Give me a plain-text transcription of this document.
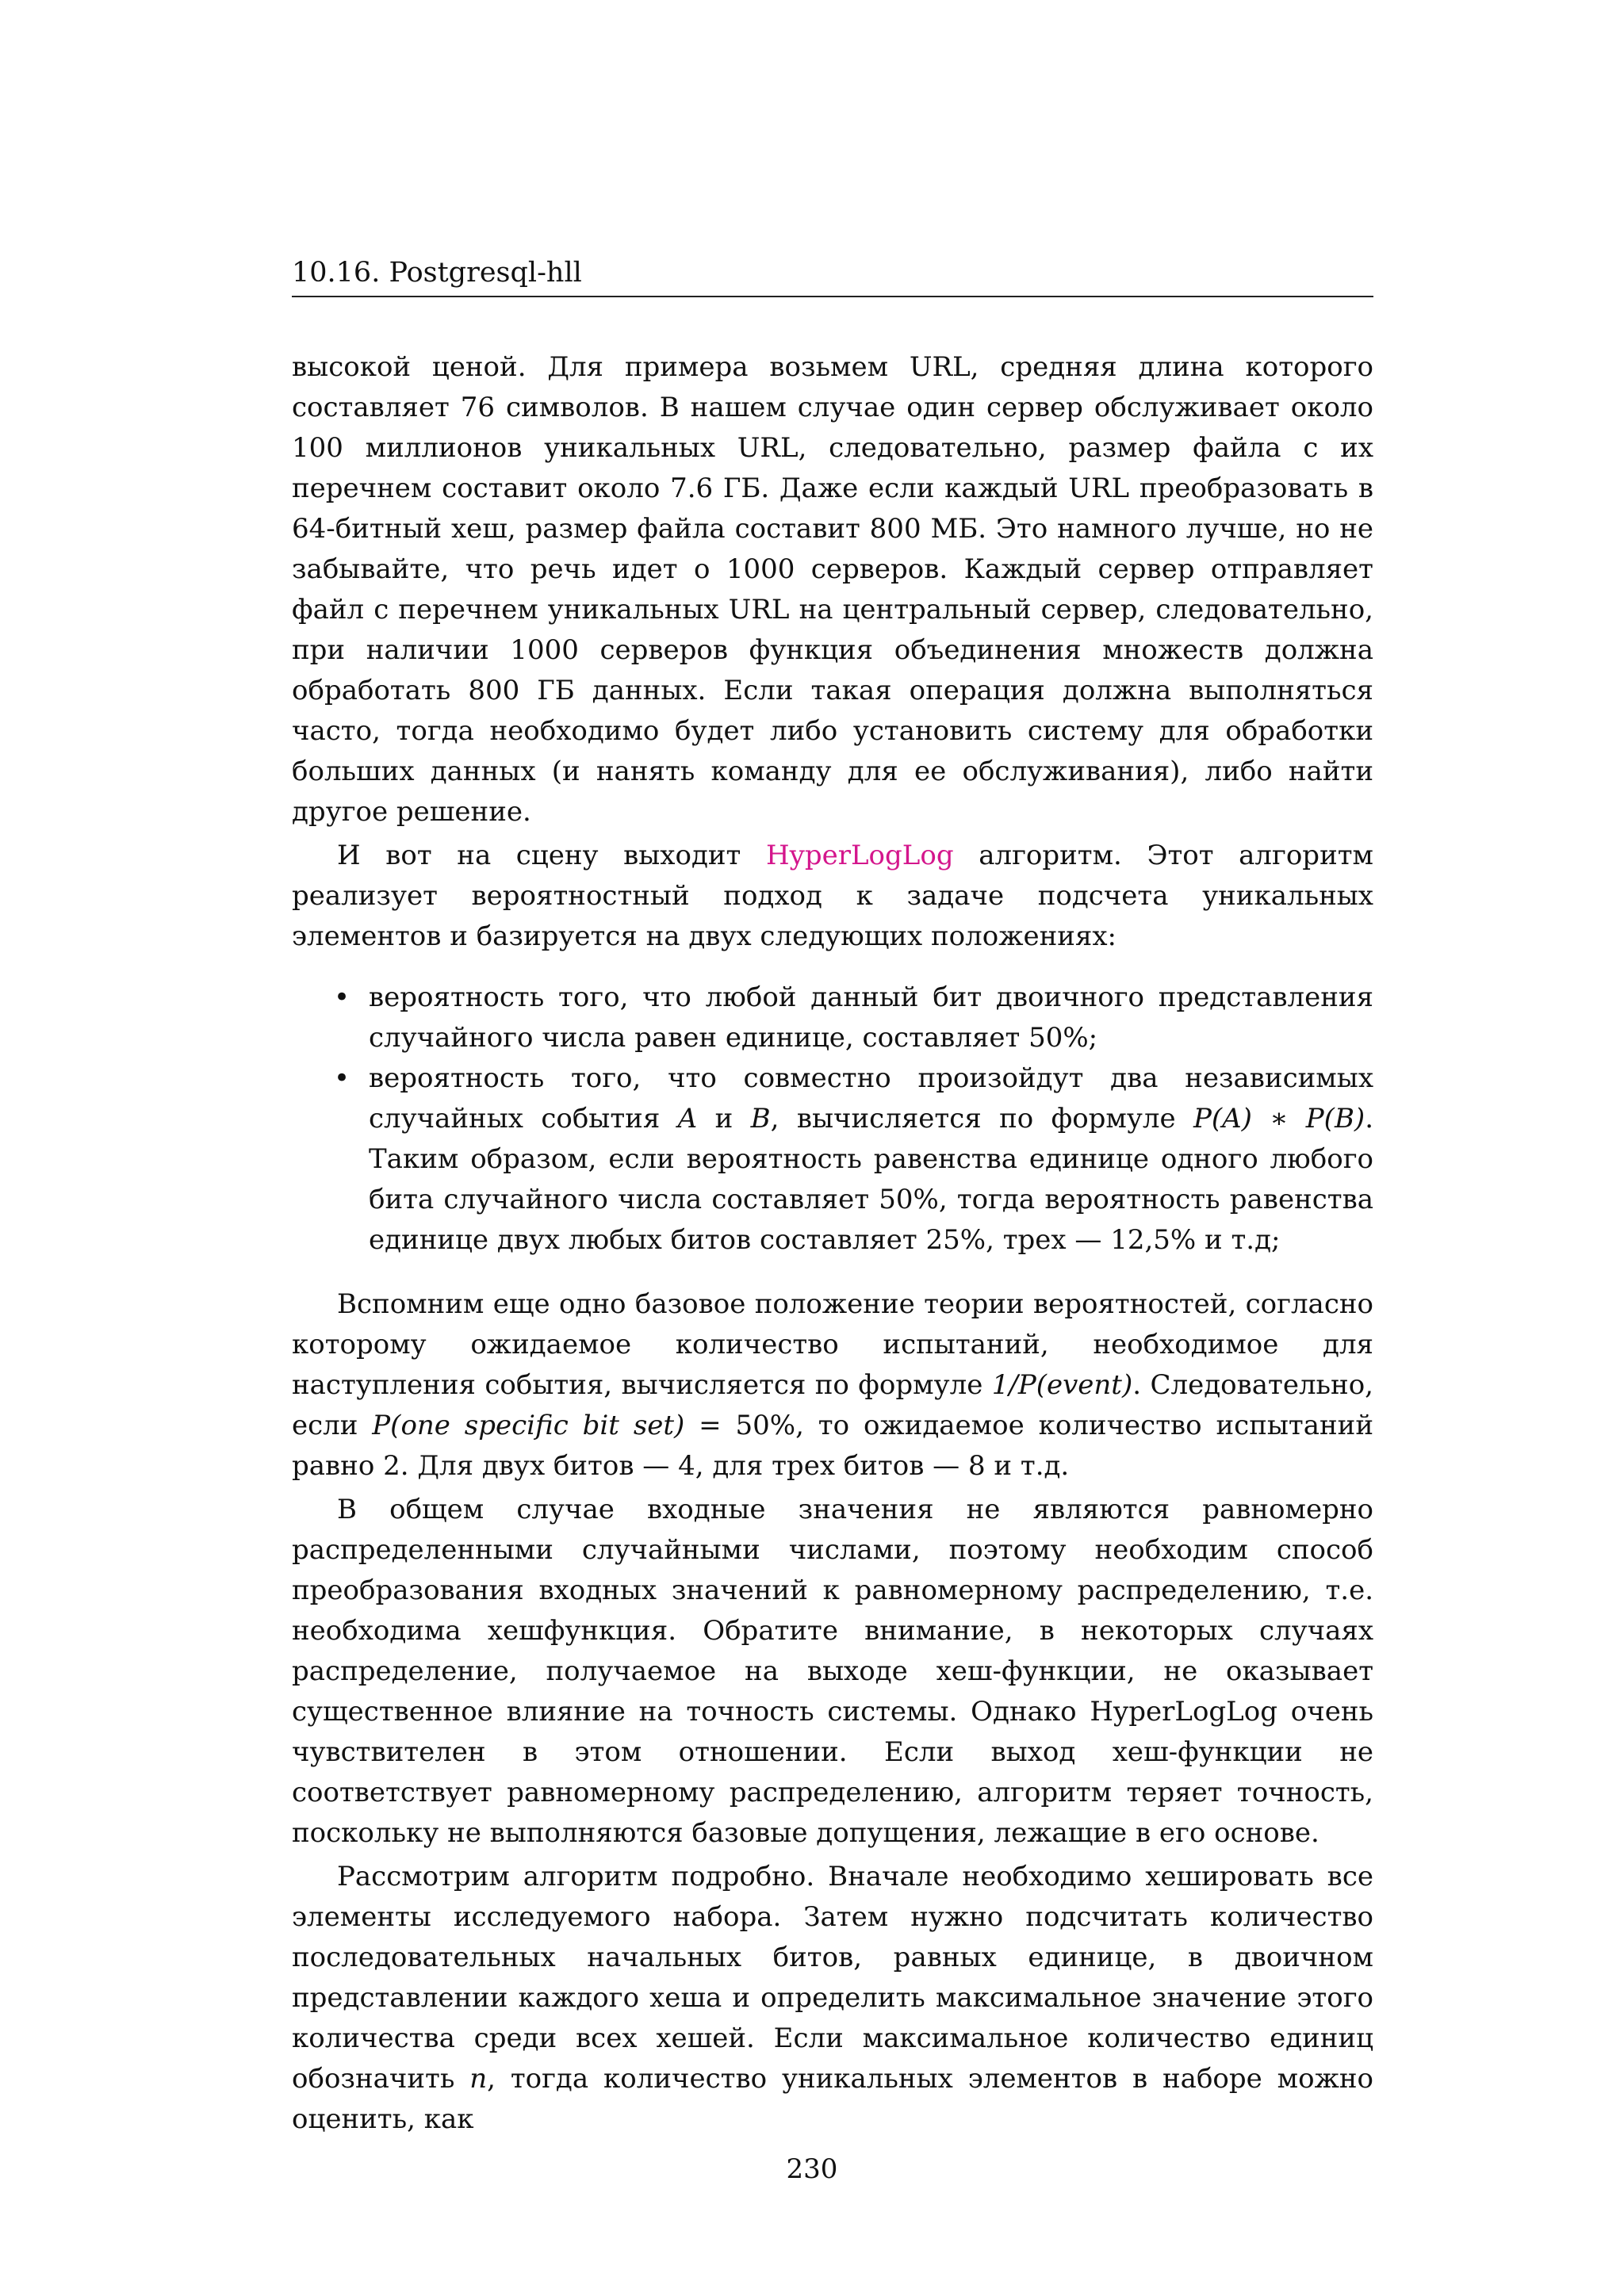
10.16. Postgresql-hll

высокой ценой. Для примера возьмем URL, средняя длина которого составляет 76 символов. В нашем случае один сервер обслуживает около 100 миллионов уникальных URL, следовательно, размер файла с их перечнем составит около 7.6 ГБ. Даже если каждый URL преобразовать в 64-битный хеш, размер файла составит 800 МБ. Это намного лучше, но не забывайте, что речь идет о 1000 серверов. Каждый сервер отправляет файл с перечнем уникальных URL на центральный сервер, следовательно, при наличии 1000 серверов функция объединения множеств должна обработать 800 ГБ данных. Если такая операция должна выполняться часто, тогда необходимо будет либо установить систему для обработки больших данных (и нанять команду для ее обслуживания), либо найти другое решение.

И вот на сцену выходит HyperLogLog алгоритм. Этот алгоритм реализует вероятностный подход к задаче подсчета уникальных элементов и базируется на двух следующих положениях:

• вероятность того, что любой данный бит двоичного представления случайного числа равен единице, составляет 50%;
• вероятность того, что совместно произойдут два независимых случайных события A и B, вычисляется по формуле P(A) ∗ P(B). Таким образом, если вероятность равенства единице одного любого бита случайного числа составляет 50%, тогда вероятность равенства единице двух любых битов составляет 25%, трех — 12,5% и т.д;

Вспомним еще одно базовое положение теории вероятностей, согласно которому ожидаемое количество испытаний, необходимое для наступления события, вычисляется по формуле 1/P(event). Следовательно, если P(one specific bit set) = 50%, то ожидаемое количество испытаний равно 2. Для двух битов — 4, для трех битов — 8 и т.д.

В общем случае входные значения не являются равномерно распределенными случайными числами, поэтому необходим способ преобразования входных значений к равномерному распределению, т.е. необходима хешфункция. Обратите внимание, в некоторых случаях распределение, получаемое на выходе хеш-функции, не оказывает существенное влияние на точность системы. Однако HyperLogLog очень чувствителен в этом отношении. Если выход хеш-функции не соответствует равномерному распределению, алгоритм теряет точность, поскольку не выполняются базовые допущения, лежащие в его основе.

Рассмотрим алгоритм подробно. Вначале необходимо хешировать все элементы исследуемого набора. Затем нужно подсчитать количество последовательных начальных битов, равных единице, в двоичном представлении каждого хеша и определить максимальное значение этого количества среди всех хешей. Если максимальное количество единиц обозначить n, тогда количество уникальных элементов в наборе можно оценить, как

230
